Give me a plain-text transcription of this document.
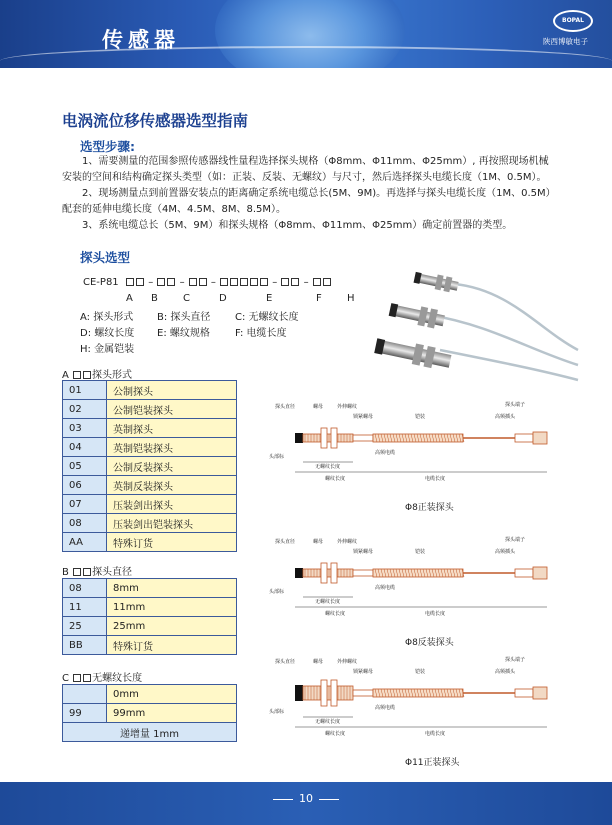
传感器
BOPAL
陕西博敏电子
电涡流位移传感器选型指南
选型步骤:
1、需要测量的范围参照传感器线性量程选择探头规格（Φ8mm、Φ11mm、Φ25mm）, 再按照现场机械安装的空间和结构确定探头类型（如：正装、反装、无螺纹）与尺寸，然后选择探头电缆长度（1M、0.5M）。
2、现场测量点到前置器安装点的距离确定系统电缆总长(5M、9M)。再选择与探头电缆长度（1M、0.5M）配套的延伸电缆长度（4M、4.5M、8M、8.5M）。
3、系统电缆总长（5M、9M）和探头规格（Φ8mm、Φ11mm、Φ25mm）确定前置器的类型。
探头选型
CE-P81	–  –  –	–  –
A B	C	D	E	F	H
A: 探头形式 B: 探头直径 C: 无螺纹长度
D: 螺纹长度 E: 螺纹规格	F: 电缆长度
H: 金属铠装
A 探头形式
01	公制探头
02	公制铠装探头
03	英制探头
04	英制铠装探头
05	公制反装探头
06	英制反装探头
07	压装剑出探头
08	压装剑出铠装探头
AA	特殊订货
B 探头直径
08	8mm
11	11mm
25	25mm
BB	特殊订货
C 无螺纹长度
	0mm
99	99mm
递增量 1mm	
探头直径	螺母	外伸螺纹
锁紧螺母	铠装	高频插头
探头端子
高频电缆
头部标
无螺纹长度
螺纹长度	电缆长度
Φ8正装探头
探头直径	螺母	外伸螺纹
锁紧螺母	铠装	高频插头
探头端子
高频电缆
头部标
无螺纹长度
螺纹长度	电缆长度
Φ8反装探头
探头直径	螺母	外伸螺纹
锁紧螺母	铠装	高频插头
探头端子
高频电缆
头部标
无螺纹长度
螺纹长度	电缆长度
Φ11正装探头
10
